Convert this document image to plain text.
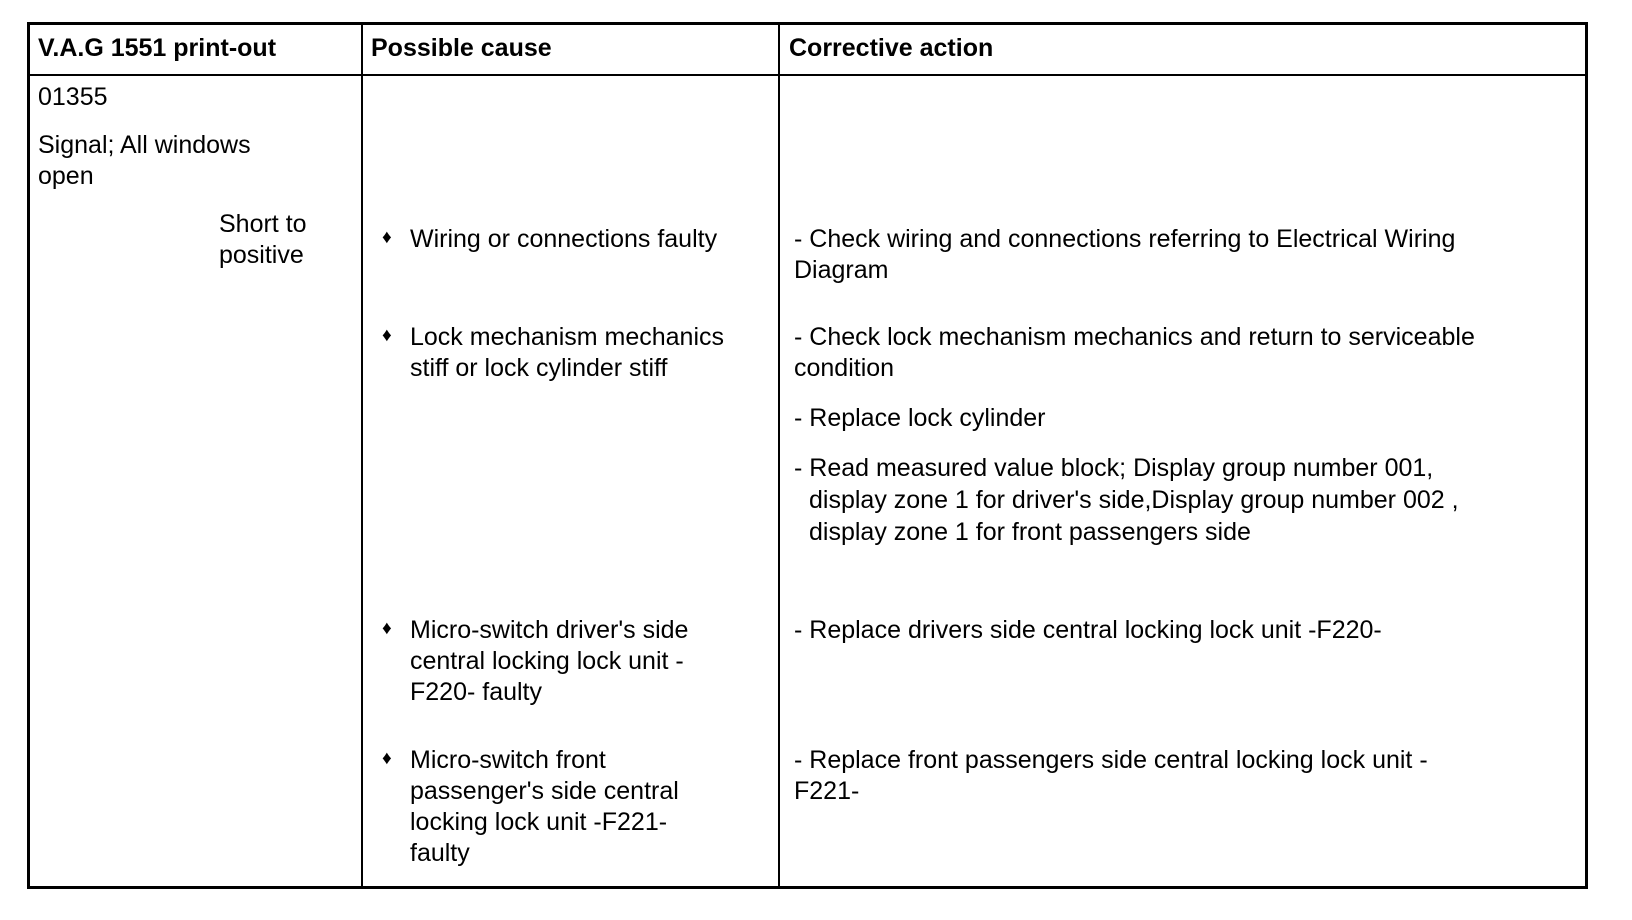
V.A.G 1551 print-out	Possible cause	Corrective action
01355
Signal; All windows
open
Short to
positive
♦ Wiring or connections faulty
♦ Lock mechanism mechanics
stiff or lock cylinder stiff
♦ Micro-switch driver's side
central locking lock unit -
F220- faulty
♦ Micro-switch front
passenger's side central
locking lock unit -F221-
faulty
- Check wiring and connections referring to Electrical Wiring
Diagram
- Check lock mechanism mechanics and return to serviceable
condition
- Replace lock cylinder
- Read measured value block; Display group number 001,
display zone 1 for driver's side,Display group number 002 ,
display zone 1 for front passengers side
- Replace drivers side central locking lock unit -F220-
- Replace front passengers side central locking lock unit -
F221-
